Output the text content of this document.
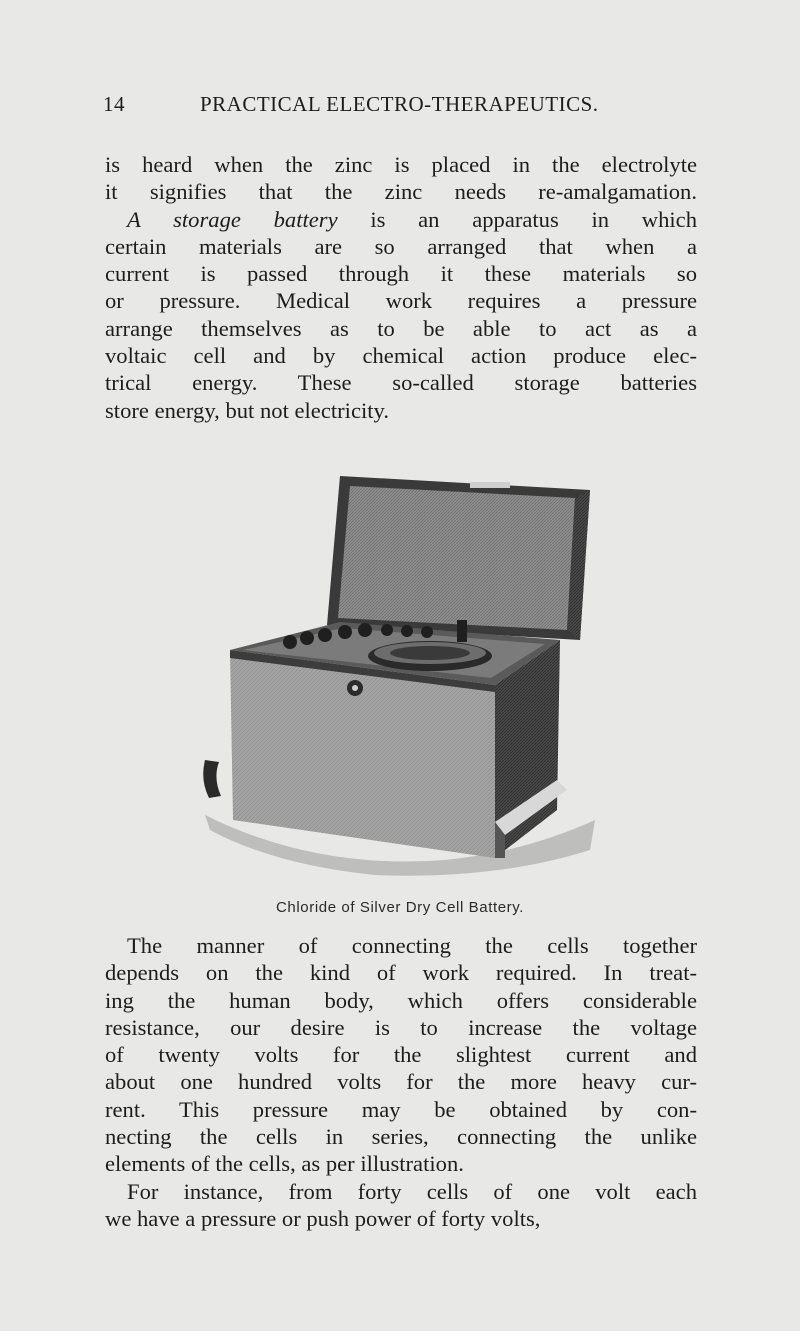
14	PRACTICAL ELECTRO-THERAPEUTICS.
is heard when the zinc is placed in the electrolyte
it signifies that the zinc needs re-amalgamation.
A storage battery is an apparatus in which
certain materials are so arranged that when a
current is passed through it these materials so
or pressure. Medical work requires a pressure
arrange themselves as to be able to act as a
voltaic cell and by chemical action produce elec-
trical energy. These so-called storage batteries
store energy, but not electricity.
Chloride of Silver Dry Cell Battery.
The manner of connecting the cells together
depends on the kind of work required. In treat-
ing the human body, which offers considerable
resistance, our desire is to increase the voltage
of twenty volts for the slightest current and
about one hundred volts for the more heavy cur-
rent. This pressure may be obtained by con-
necting the cells in series, connecting the unlike
elements of the cells, as per illustration.
For instance, from forty cells of one volt each
we have a pressure or push power of forty volts,
